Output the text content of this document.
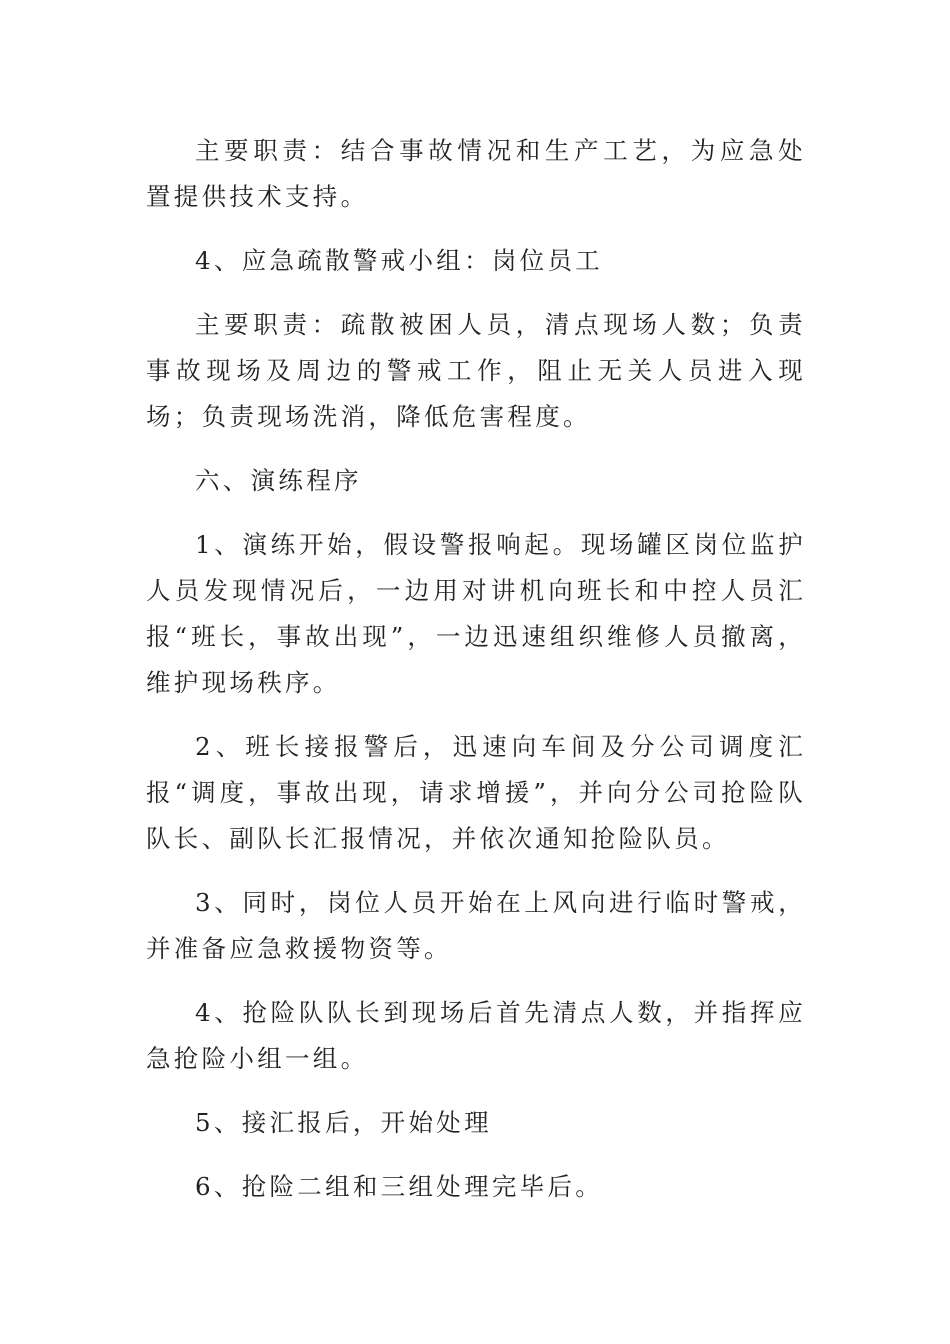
主要职责：结合事故情况和生产工艺，为应急处置提供技术支持。

4、应急疏散警戒小组：岗位员工

主要职责：疏散被困人员，清点现场人数；负责事故现场及周边的警戒工作，阻止无关人员进入现场；负责现场洗消，降低危害程度。

六、演练程序

1、演练开始，假设警报响起。现场罐区岗位监护人员发现情况后，一边用对讲机向班长和中控人员汇报“班长，事故出现”，一边迅速组织维修人员撤离，维护现场秩序。

2、班长接报警后，迅速向车间及分公司调度汇报“调度，事故出现，请求增援”，并向分公司抢险队队长、副队长汇报情况，并依次通知抢险队员。

3、同时，岗位人员开始在上风向进行临时警戒，并准备应急救援物资等。

4、抢险队队长到现场后首先清点人数，并指挥应急抢险小组一组。

5、接汇报后，开始处理

6、抢险二组和三组处理完毕后。
